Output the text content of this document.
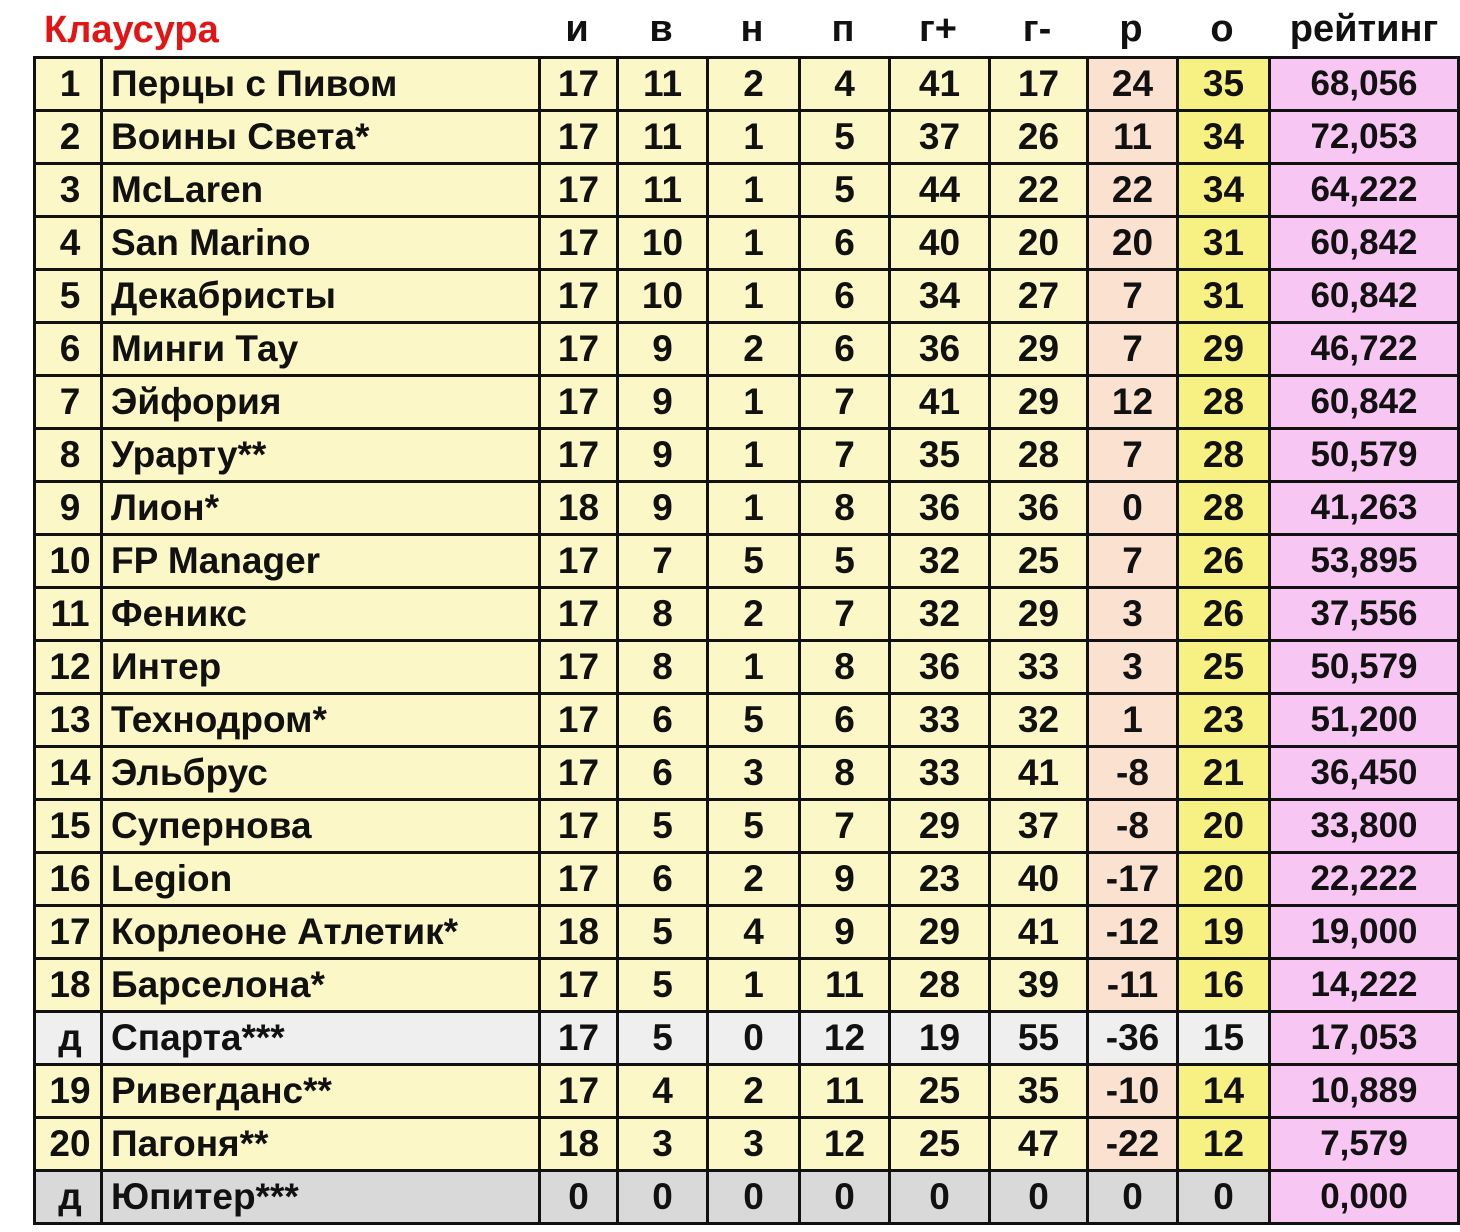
Клаусура	и	в	н	п	г+	г-	р	о	рейтинг
1	Перцы с Пивом	17	11	2	4	41	17	24	35	68,056
2	Воины Света*	17	11	1	5	37	26	11	34	72,053
3	McLaren	17	11	1	5	44	22	22	34	64,222
4	San Marino	17	10	1	6	40	20	20	31	60,842
5	Декабристы	17	10	1	6	34	27	7	31	60,842
6	Минги Тау	17	9	2	6	36	29	7	29	46,722
7	Эйфория	17	9	1	7	41	29	12	28	60,842
8	Урарту**	17	9	1	7	35	28	7	28	50,579
9	Лион*	18	9	1	8	36	36	0	28	41,263
10	FP Manager	17	7	5	5	32	25	7	26	53,895
11	Феникс	17	8	2	7	32	29	3	26	37,556
12	Интер	17	8	1	8	36	33	3	25	50,579
13	Технодром*	17	6	5	6	33	32	1	23	51,200
14	Эльбрус	17	6	3	8	33	41	-8	21	36,450
15	Супернова	17	5	5	7	29	37	-8	20	33,800
16	Legion	17	6	2	9	23	40	-17	20	22,222
17	Корлеоне Атлетик*	18	5	4	9	29	41	-12	19	19,000
18	Барселона*	17	5	1	11	28	39	-11	16	14,222
д	Спарта***	17	5	0	12	19	55	-36	15	17,053
19	Ривerданс**	17	4	2	11	25	35	-10	14	10,889
20	Пагоня**	18	3	3	12	25	47	-22	12	7,579
д	Юпитер***	0	0	0	0	0	0	0	0	0,000
